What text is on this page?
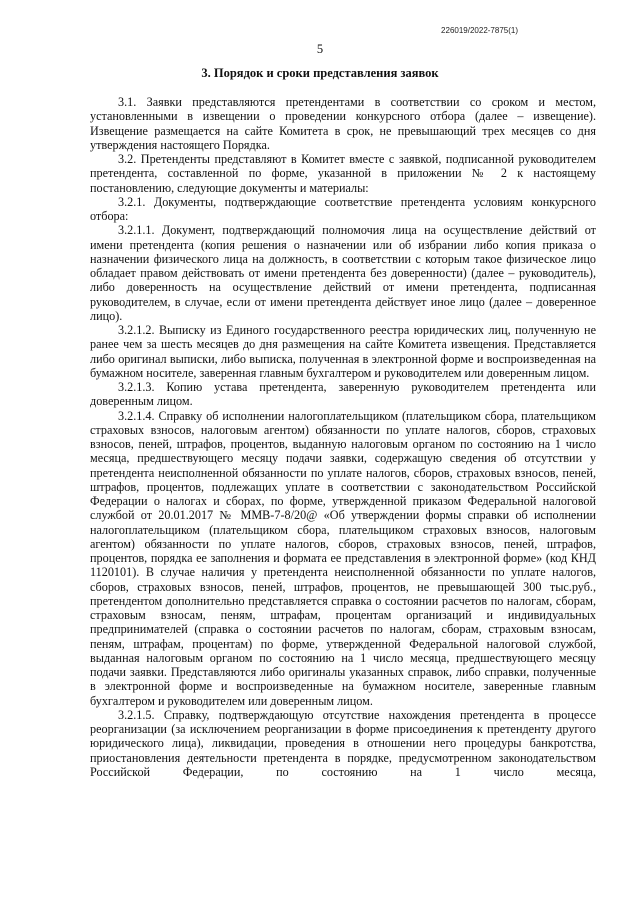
226019/2022-7875(1)
5
3. Порядок и сроки представления заявок

3.1. Заявки представляются претендентами в соответствии со сроком и местом, установленными в извещении о проведении конкурсного отбора (далее – извещение). Извещение размещается на сайте Комитета в срок, не превышающий трех месяцев со дня утверждения настоящего Порядка.

3.2. Претенденты представляют в Комитет вместе с заявкой, подписанной руководителем претендента, составленной по форме, указанной в приложении № 2 к настоящему постановлению, следующие документы и материалы:

3.2.1. Документы, подтверждающие соответствие претендента условиям конкурсного отбора:

3.2.1.1. Документ, подтверждающий полномочия лица на осуществление действий от имени претендента (копия решения о назначении или об избрании либо копия приказа о назначении физического лица на должность, в соответствии с которым такое физическое лицо обладает правом действовать от имени претендента без доверенности) (далее – руководитель), либо доверенность на осуществление действий от имени претендента, подписанная руководителем, в случае, если от имени претендента действует иное лицо (далее – доверенное лицо).

3.2.1.2. Выписку из Единого государственного реестра юридических лиц, полученную не ранее чем за шесть месяцев до дня размещения на сайте Комитета извещения. Представляется либо оригинал выписки, либо выписка, полученная в электронной форме и воспроизведенная на бумажном носителе, заверенная главным бухгалтером и руководителем или доверенным лицом.

3.2.1.3. Копию устава претендента, заверенную руководителем претендента или доверенным лицом.

3.2.1.4. Справку об исполнении налогоплательщиком (плательщиком сбора, плательщиком страховых взносов, налоговым агентом) обязанности по уплате налогов, сборов, страховых взносов, пеней, штрафов, процентов, выданную налоговым органом по состоянию на 1 число месяца, предшествующего месяцу подачи заявки, содержащую сведения об отсутствии у претендента неисполненной обязанности по уплате налогов, сборов, страховых взносов, пеней, штрафов, процентов, подлежащих уплате в соответствии с законодательством Российской Федерации о налогах и сборах, по форме, утвержденной приказом Федеральной налоговой службой от 20.01.2017 № ММВ-7-8/20@ «Об утверждении формы справки об исполнении налогоплательщиком (плательщиком сбора, плательщиком страховых взносов, налоговым агентом) обязанности по уплате налогов, сборов, страховых взносов, пеней, штрафов, процентов, порядка ее заполнения и формата ее представления в электронной форме» (код КНД 1120101). В случае наличия у претендента неисполненной обязанности по уплате налогов, сборов, страховых взносов, пеней, штрафов, процентов, не превышающей 300 тыс.руб., претендентом дополнительно представляется справка о состоянии расчетов по налогам, сборам, страховым взносам, пеням, штрафам, процентам организаций и индивидуальных предпринимателей (справка о состоянии расчетов по налогам, сборам, страховым взносам, пеням, штрафам, процентам) по форме, утвержденной Федеральной налоговой службой, выданная налоговым органом по состоянию на 1 число месяца, предшествующего месяцу подачи заявки. Представляются либо оригиналы указанных справок, либо справки, полученные в электронной форме и воспроизведенные на бумажном носителе, заверенные главным бухгалтером и руководителем или доверенным лицом.

3.2.1.5. Справку, подтверждающую отсутствие нахождения претендента в процессе реорганизации (за исключением реорганизации в форме присоединения к претенденту другого юридического лица), ликвидации, проведения в отношении него процедуры банкротства, приостановления деятельности претендента в порядке, предусмотренном законодательством Российской Федерации, по состоянию на 1 число месяца,
